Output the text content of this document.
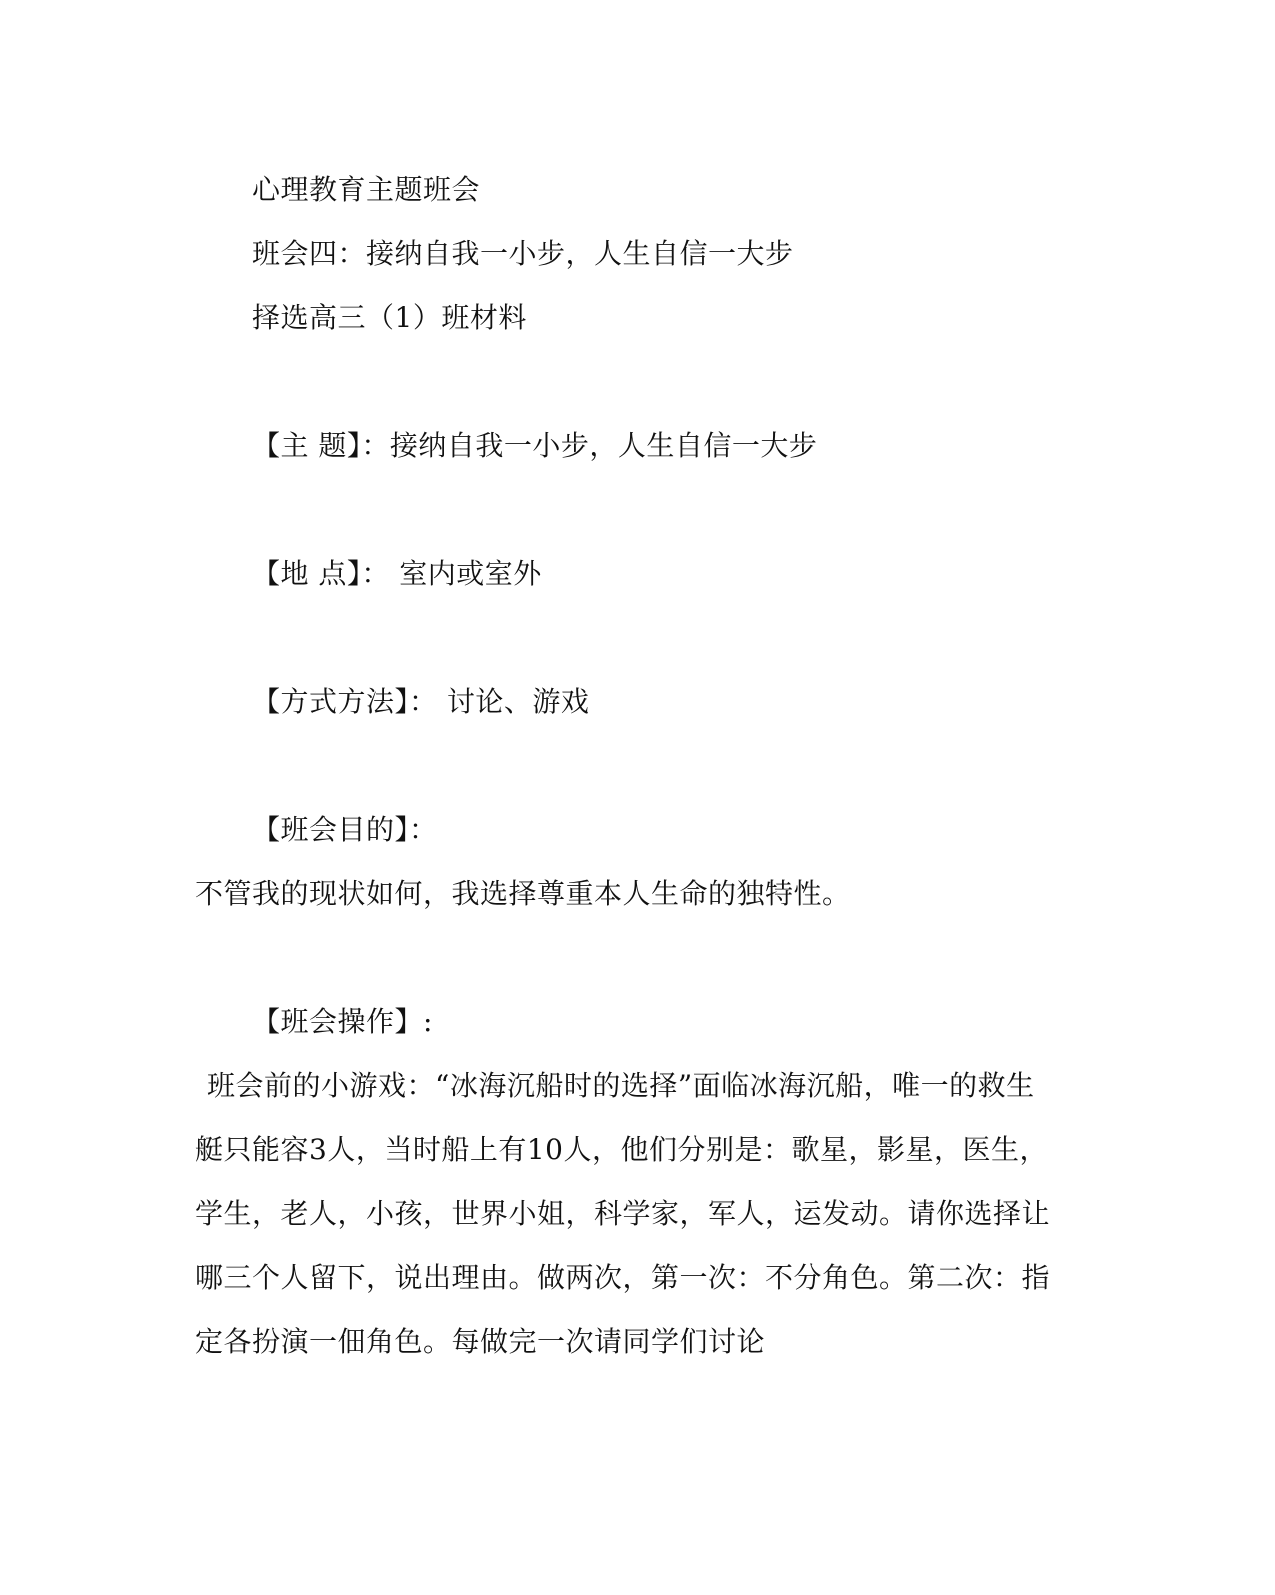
心理教育主题班会
班会四：接纳自我一小步，人生自信一大步
择选高三（1）班材料
【主 题】：接纳自我一小步，人生自信一大步
【地 点】： 室内或室外
【方式方法】： 讨论、游戏
【班会目的】：
不管我的现状如何，我选择尊重本人生命的独特性。
【班会操作】:
班会前的小游戏：“冰海沉船时的选择”面临冰海沉船，唯一的救生
艇只能容3人，当时船上有10人，他们分别是：歌星，影星，医生，
学生，老人，小孩，世界小姐，科学家，军人，运发动。请你选择让
哪三个人留下，说出理由。做两次，第一次：不分角色。第二次：指
定各扮演一佃角色。每做完一次请同学们讨论
